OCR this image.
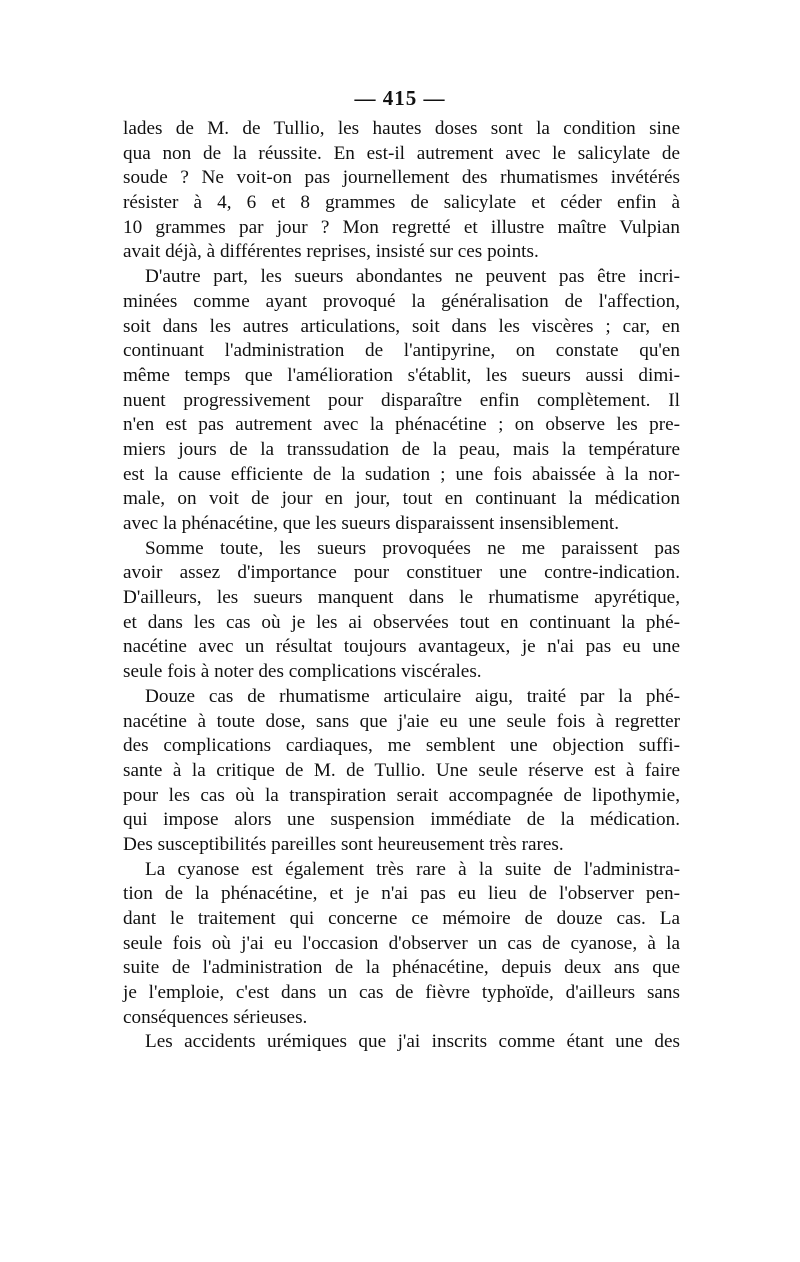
— 415 —
lades de M. de Tullio, les hautes doses sont la condition sine
qua non de la réussite. En est-il autrement avec le salicylate de
soude ? Ne voit-on pas journellement des rhumatismes invétérés
résister à 4, 6 et 8 grammes de salicylate et céder enfin à
10 grammes par jour ? Mon regretté et illustre maître Vulpian
avait déjà, à différentes reprises, insisté sur ces points.
D'autre part, les sueurs abondantes ne peuvent pas être incri-
minées comme ayant provoqué la généralisation de l'affection,
soit dans les autres articulations, soit dans les viscères ; car, en
continuant l'administration de l'antipyrine, on constate qu'en
même temps que l'amélioration s'établit, les sueurs aussi dimi-
nuent progressivement pour disparaître enfin complètement. Il
n'en est pas autrement avec la phénacétine ; on observe les pre-
miers jours de la transsudation de la peau, mais la température
est la cause efficiente de la sudation ; une fois abaissée à la nor-
male, on voit de jour en jour, tout en continuant la médication
avec la phénacétine, que les sueurs disparaissent insensiblement.
Somme toute, les sueurs provoquées ne me paraissent pas
avoir assez d'importance pour constituer une contre-indication.
D'ailleurs, les sueurs manquent dans le rhumatisme apyrétique,
et dans les cas où je les ai observées tout en continuant la phé-
nacétine avec un résultat toujours avantageux, je n'ai pas eu une
seule fois à noter des complications viscérales.
Douze cas de rhumatisme articulaire aigu, traité par la phé-
nacétine à toute dose, sans que j'aie eu une seule fois à regretter
des complications cardiaques, me semblent une objection suffi-
sante à la critique de M. de Tullio. Une seule réserve est à faire
pour les cas où la transpiration serait accompagnée de lipothymie,
qui impose alors une suspension immédiate de la médication.
Des susceptibilités pareilles sont heureusement très rares.
La cyanose est également très rare à la suite de l'administra-
tion de la phénacétine, et je n'ai pas eu lieu de l'observer pen-
dant le traitement qui concerne ce mémoire de douze cas. La
seule fois où j'ai eu l'occasion d'observer un cas de cyanose, à la
suite de l'administration de la phénacétine, depuis deux ans que
je l'emploie, c'est dans un cas de fièvre typhoïde, d'ailleurs sans
conséquences sérieuses.
Les accidents urémiques que j'ai inscrits comme étant une des
